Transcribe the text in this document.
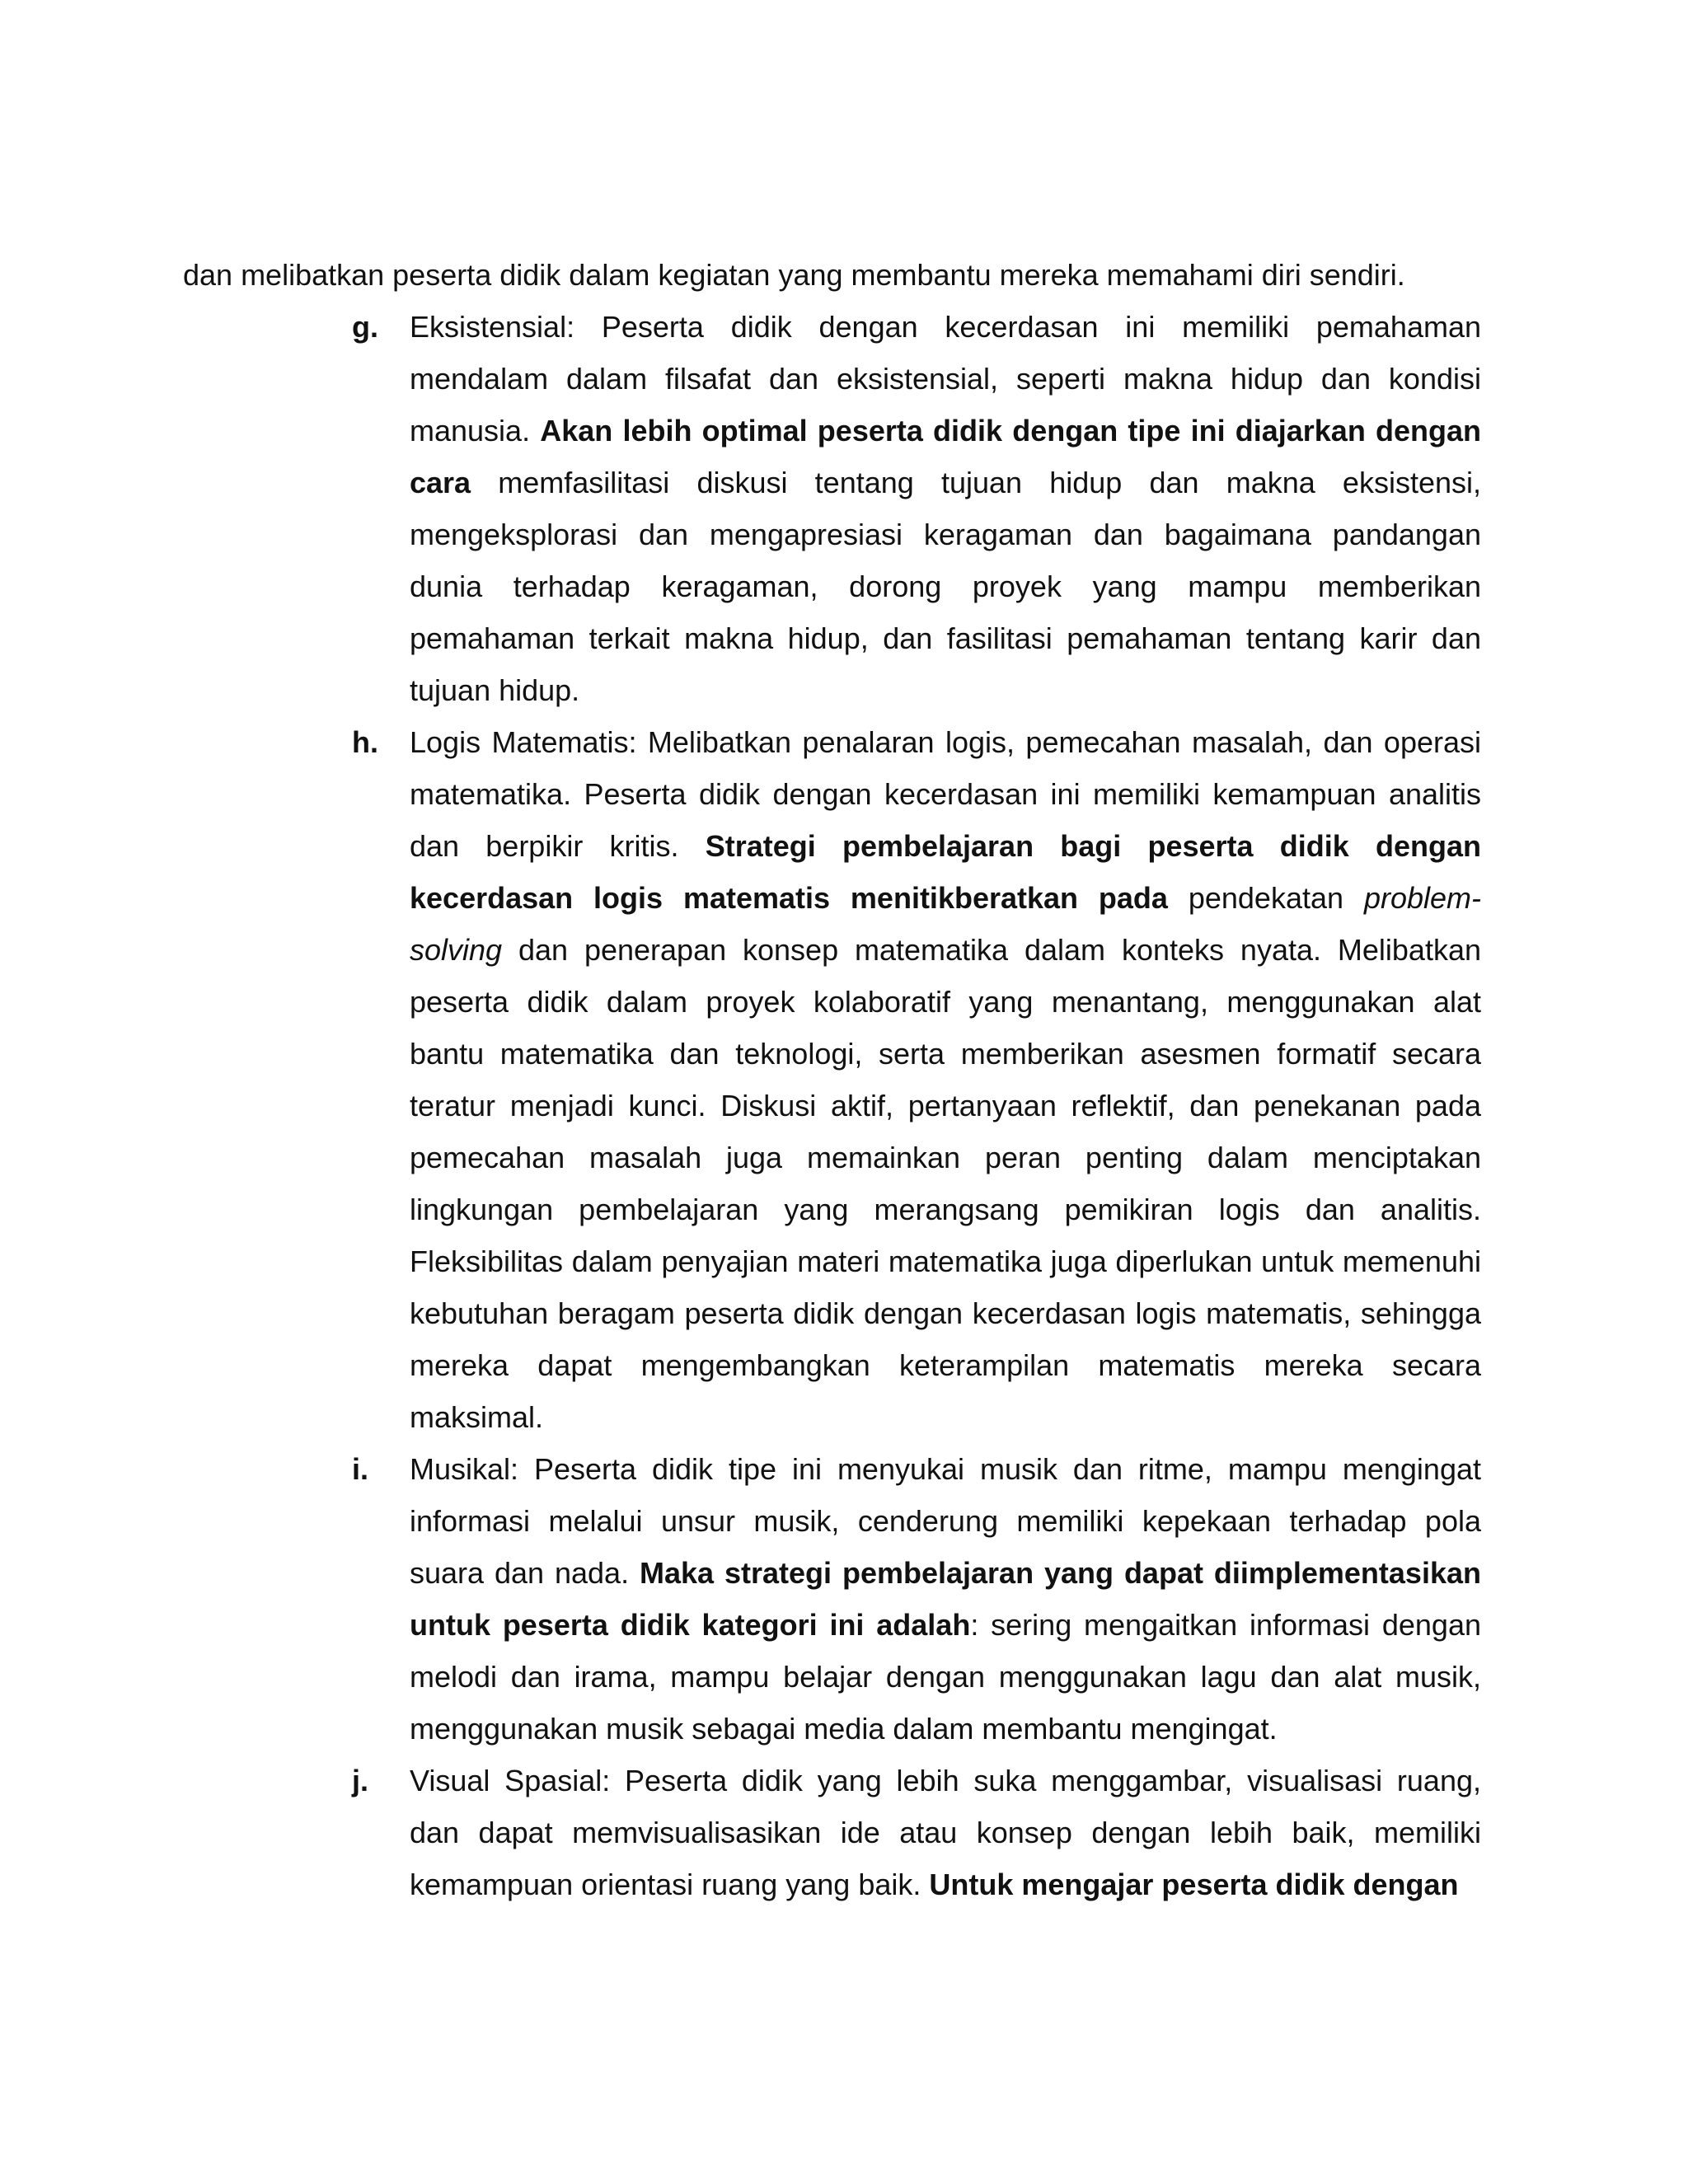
dan melibatkan peserta didik dalam kegiatan yang membantu mereka memahami diri sendiri.
g. Eksistensial: Peserta didik dengan kecerdasan ini memiliki pemahaman mendalam dalam filsafat dan eksistensial, seperti makna hidup dan kondisi manusia. Akan lebih optimal peserta didik dengan tipe ini diajarkan dengan cara memfasilitasi diskusi tentang tujuan hidup dan makna eksistensi, mengeksplorasi dan mengapresiasi keragaman dan bagaimana pandangan dunia terhadap keragaman, dorong proyek yang mampu memberikan pemahaman terkait makna hidup, dan fasilitasi pemahaman tentang karir dan tujuan hidup.

h. Logis Matematis: Melibatkan penalaran logis, pemecahan masalah, dan operasi matematika. Peserta didik dengan kecerdasan ini memiliki kemampuan analitis dan berpikir kritis. Strategi pembelajaran bagi peserta didik dengan kecerdasan logis matematis menitikberatkan pada pendekatan problem-solving dan penerapan konsep matematika dalam konteks nyata. Melibatkan peserta didik dalam proyek kolaboratif yang menantang, menggunakan alat bantu matematika dan teknologi, serta memberikan asesmen formatif secara teratur menjadi kunci. Diskusi aktif, pertanyaan reflektif, dan penekanan pada pemecahan masalah juga memainkan peran penting dalam menciptakan lingkungan pembelajaran yang merangsang pemikiran logis dan analitis. Fleksibilitas dalam penyajian materi matematika juga diperlukan untuk memenuhi kebutuhan beragam peserta didik dengan kecerdasan logis matematis, sehingga mereka dapat mengembangkan keterampilan matematis mereka secara maksimal.

i. Musikal: Peserta didik tipe ini menyukai musik dan ritme, mampu mengingat informasi melalui unsur musik, cenderung memiliki kepekaan terhadap pola suara dan nada. Maka strategi pembelajaran yang dapat diimplementasikan untuk peserta didik kategori ini adalah: sering mengaitkan informasi dengan melodi dan irama, mampu belajar dengan menggunakan lagu dan alat musik, menggunakan musik sebagai media dalam membantu mengingat.

j. Visual Spasial: Peserta didik yang lebih suka menggambar, visualisasi ruang, dan dapat memvisualisasikan ide atau konsep dengan lebih baik, memiliki kemampuan orientasi ruang yang baik. Untuk mengajar peserta didik dengan
